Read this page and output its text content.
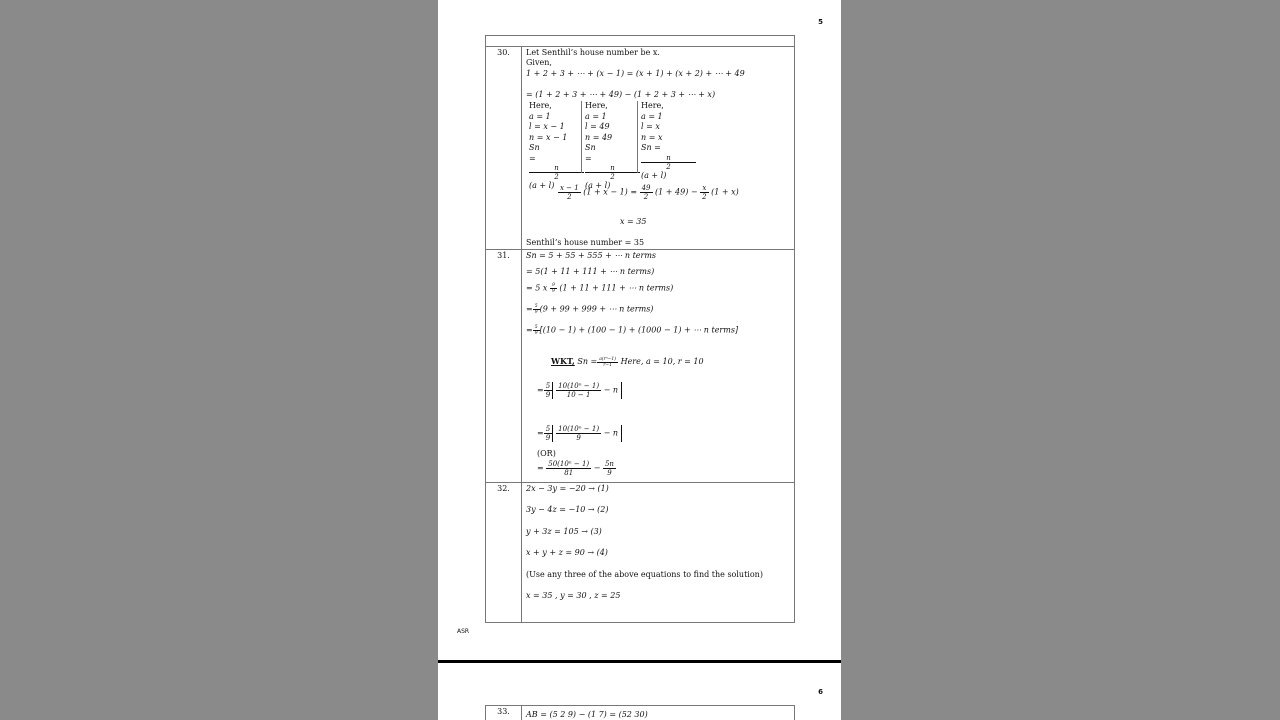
5
30.	Let Senthil’s house number be x.
Given,
1 + 2 + 3 + ⋯ + (x − 1) = (x + 1) + (x + 2) + ⋯ + 49
= (1 + 2 + 3 + ⋯ + 49) − (1 + 2 + 3 + ⋯ + x)
Here,
a = 1
l = x − 1
n = x − 1
Sn
=
n
2
(a + l)
Here,
a = 1
l = 49
n = 49
Sn
=
n
2
(a + l)
Here,
a = 1
l = x
n = x
Sn =
n
2
(a + l)
$\frac{x - 1}{2} (1 + x - 1) = \frac{49}{2} (1 + 49) - \frac{x}{2} (1 + x)$
x = 35
Senthil’s house number = 35
31.	Sn = 5 + 55 + 555 + ⋯ n terms
= 5(1 + 11 + 111 + ⋯ n terms)
= 5 x $\frac{9}{9} (1 + 11 + 111$ + ⋯ n terms)
= $\frac{5}{9} (9 + 99 + 999$ + ⋯ n terms)
= $\frac{5}{9} [(10 - 1) + (100 - 1) + (1000 - 1)$ + ⋯ n terms]
WKT, $Sn = \frac{\text{a(rⁿ−1)}}{r-1}$ Here, a = 10, r = 10
= $\frac{5}{9} \frac{\text{10(10ⁿ − 1)}}{10 - 1} - n$
= $\frac{5}{9} \frac{\text{10(10ⁿ − 1)}}{9} - n$
(OR)
= $\frac{\text{50(10ⁿ − 1)}}{81} - \frac{5n}{9}$
32.	2x − 3y = −20 → (1)
3y − 4z = −10 → (2)
y + 3z = 105 → (3)
x + y + z = 90 → (4)
(Use any three of the above equations to find the solution)
x = 35 , y = 30 , z = 25
ASR
6
33.	AB = (5 2 9) − (1 7) = (52 30)
